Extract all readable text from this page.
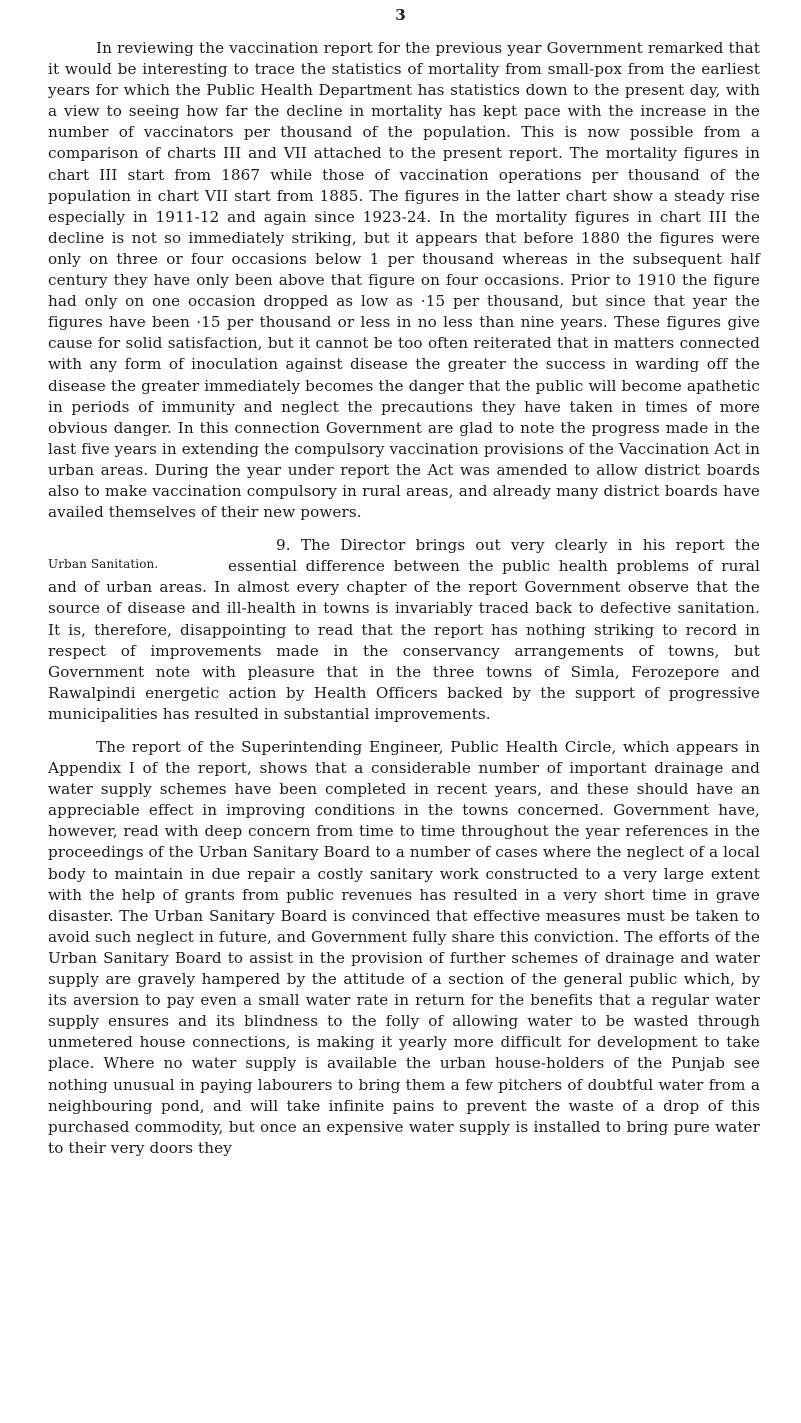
3

In reviewing the vaccination report for the previous year Government remarked that it would be interesting to trace the statistics of mortality from small-pox from the earliest years for which the Public Health Department has statistics down to the present day, with a view to seeing how far the decline in mortality has kept pace with the increase in the number of vaccinators per thousand of the population. This is now possible from a comparison of charts III and VII attached to the present report. The mortality figures in chart III start from 1867 while those of vaccination operations per thousand of the population in chart VII start from 1885. The figures in the latter chart show a steady rise especially in 1911-12 and again since 1923-24. In the mortality figures in chart III the decline is not so immediately striking, but it appears that before 1880 the figures were only on three or four occasions below 1 per thousand whereas in the subsequent half century they have only been above that figure on four occasions. Prior to 1910 the figure had only on one occasion dropped as low as ·15 per thousand, but since that year the figures have been ·15 per thousand or less in no less than nine years. These figures give cause for solid satisfaction, but it cannot be too often reiterated that in matters connected with any form of inoculation against disease the greater the success in warding off the disease the greater immediately becomes the danger that the public will become apathetic in periods of immunity and neglect the precautions they have taken in times of more obvious danger. In this connection Government are glad to note the progress made in the last five years in extending the compulsory vaccination provisions of the Vaccination Act in urban areas. During the year under report the Act was amended to allow district boards also to make vaccination compulsory in rural areas, and already many district boards have availed themselves of their new powers.

9.
Urban Sanitation.
The Director brings out very clearly in his report the essential difference between the public health problems of rural and of urban areas. In almost every chapter of the report Government observe that the source of disease and ill-health in towns is invariably traced back to defective sanitation. It is, therefore, disappointing to read that the report has nothing striking to record in respect of improvements made in the conservancy arrangements of towns, but Government note with pleasure that in the three towns of Simla, Ferozepore and Rawalpindi energetic action by Health Officers backed by the support of progressive municipalities has resulted in substantial improvements.

The report of the Superintending Engineer, Public Health Circle, which appears in Appendix I of the report, shows that a considerable number of important drainage and water supply schemes have been completed in recent years, and these should have an appreciable effect in improving conditions in the towns concerned. Government have, however, read with deep concern from time to time throughout the year references in the proceedings of the Urban Sanitary Board to a number of cases where the neglect of a local body to maintain in due repair a costly sanitary work constructed to a very large extent with the help of grants from public revenues has resulted in a very short time in grave disaster. The Urban Sanitary Board is convinced that effective measures must be taken to avoid such neglect in future, and Government fully share this conviction. The efforts of the Urban Sanitary Board to assist in the provision of further schemes of drainage and water supply are gravely hampered by the attitude of a section of the general public which, by its aversion to pay even a small water rate in return for the benefits that a regular water supply ensures and its blindness to the folly of allowing water to be wasted through unmetered house connections, is making it yearly more difficult for development to take place. Where no water supply is available the urban house-holders of the Punjab see nothing unusual in paying labourers to bring them a few pitchers of doubtful water from a neighbouring pond, and will take infinite pains to prevent the waste of a drop of this purchased commodity, but once an expensive water supply is installed to bring pure water to their very doors they
